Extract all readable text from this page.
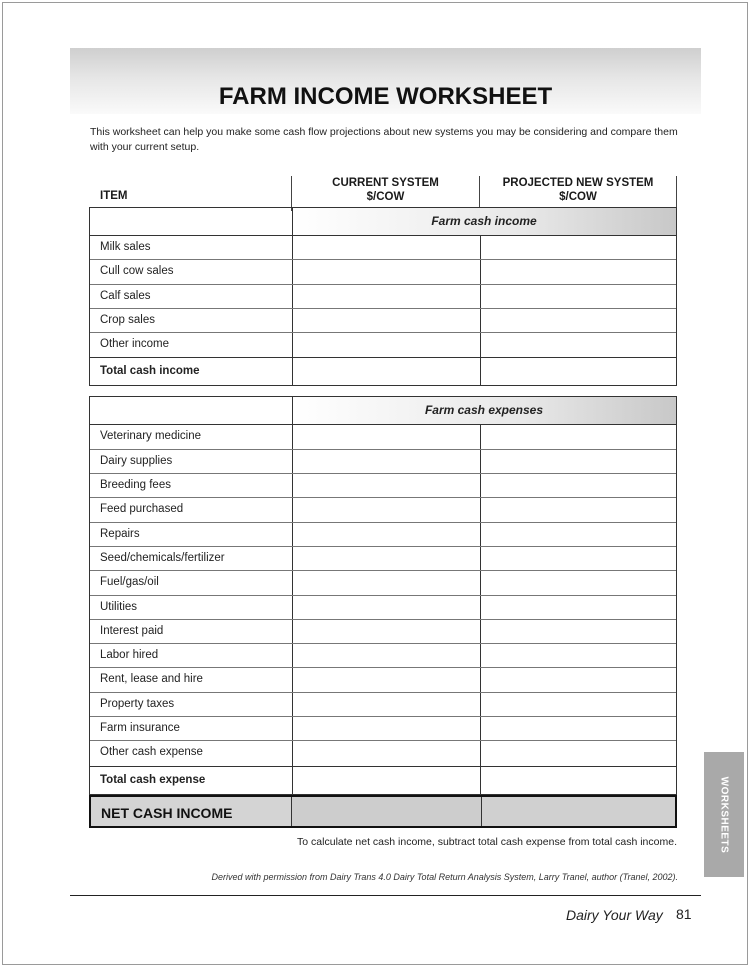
FARM INCOME WORKSHEET
This worksheet can help you make some cash flow projections about new systems you may be considering and compare them with your current setup.
ITEM
CURRENT SYSTEM
$/COW
PROJECTED NEW SYSTEM
$/COW
Farm cash income
Milk sales
Cull cow sales
Calf sales
Crop sales
Other income
Total cash income
Farm cash expenses
Veterinary medicine
Dairy supplies
Breeding fees
Feed purchased
Repairs
Seed/chemicals/fertilizer
Fuel/gas/oil
Utilities
Interest paid
Labor hired
Rent, lease and hire
Property taxes
Farm insurance
Other cash expense
Total cash expense
NET CASH INCOME
To calculate net cash income, subtract total cash expense from total cash income.
Derived with permission from Dairy Trans 4.0 Dairy Total Return Analysis System, Larry Tranel, author (Tranel, 2002).
Dairy Your Way 81
WORKSHEETS
